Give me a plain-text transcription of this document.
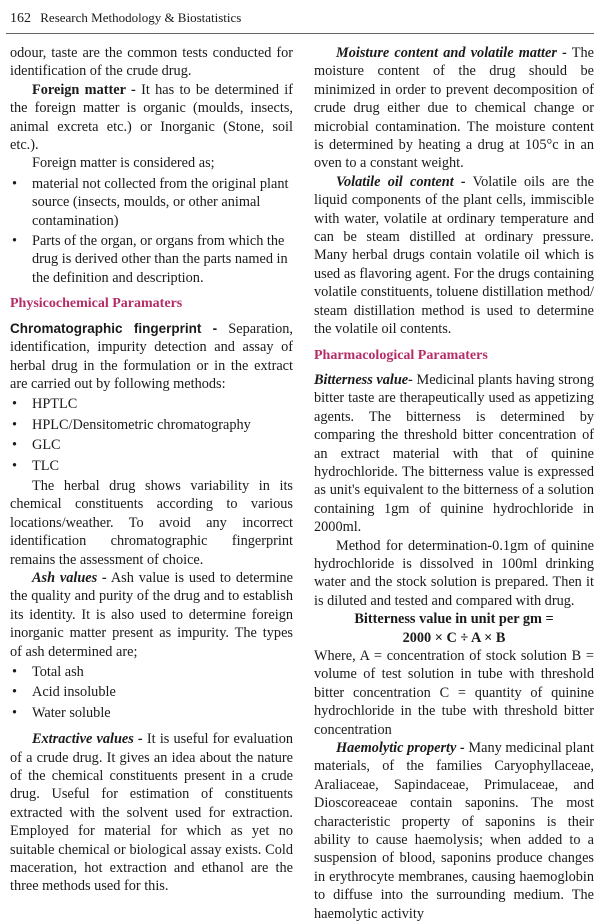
162 Research Methodology & Biostatistics

odour, taste are the common tests conducted for identification of the crude drug.

Foreign matter - It has to be determined if the foreign matter is organic (moulds, insects, animal excreta etc.) or Inorganic (Stone, soil etc.).

Foreign matter is considered as;

• material not collected from the original plant source (insects, moulds, or other animal contamination)
• Parts of the organ, or organs from which the drug is derived other than the parts named in the definition and description.
Physicochemical Paramaters

Chromatographic fingerprint - Separation, identification, impurity detection and assay of herbal drug in the formulation or in the extract are carried out by following methods:

• HPTLC
• HPLC/Densitometric chromatography
• GLC
• TLC

The herbal drug shows variability in its chemical constituents according to various locations/weather. To avoid any incorrect identification chromatographic fingerprint remains the assessment of choice.

Ash values - Ash value is used to determine the quality and purity of the drug and to establish its identity. It is also used to determine foreign inorganic matter present as impurity. The types of ash determined are;

• Total ash
• Acid insoluble
• Water soluble

Extractive values - It is useful for evaluation of a crude drug. It gives an idea about the nature of the chemical constituents present in a crude drug. Useful for estimation of constituents extracted with the solvent used for extraction. Employed for material for which as yet no suitable chemical or biological assay exists. Cold maceration, hot extraction and ethanol are the three methods used for this.

Moisture content and volatile matter - The moisture content of the drug should be minimized in order to prevent decomposition of crude drug either due to chemical change or microbial contamination. The moisture content is determined by heating a drug at 105°c in an oven to a constant weight.

Volatile oil content - Volatile oils are the liquid components of the plant cells, immiscible with water, volatile at ordinary temperature and can be steam distilled at ordinary pressure. Many herbal drugs contain volatile oil which is used as flavoring agent. For the drugs containing volatile constituents, toluene distillation method/ steam distillation method is used to determine the volatile oil contents.

Pharmacological Paramaters

Bitterness value- Medicinal plants having strong bitter taste are therapeutically used as appetizing agents. The bitterness is determined by comparing the threshold bitter concentration of an extract material with that of quinine hydrochloride. The bitterness value is expressed as unit's equivalent to the bitterness of a solution containing 1gm of quinine hydrochloride in 2000ml.

Method for determination-0.1gm of quinine hydrochloride is dissolved in 100ml drinking water and the stock solution is prepared. Then it is diluted and tested and compared with drug.

Bitterness value in unit per gm =

2000 × C ÷ A × B

Where, A = concentration of stock solution B = volume of test solution in tube with threshold bitter concentration C = quantity of quinine hydrochloride in the tube with threshold bitter concentration

Haemolytic property - Many medicinal plant materials, of the families Caryophyllaceae, Araliaceae, Sapindaceae, Primulaceae, and Dioscoreaceae contain saponins. The most characteristic property of saponins is their ability to cause haemolysis; when added to a suspension of blood, saponins produce changes in erythrocyte membranes, causing haemoglobin to diffuse into the surrounding medium. The haemolytic activity
